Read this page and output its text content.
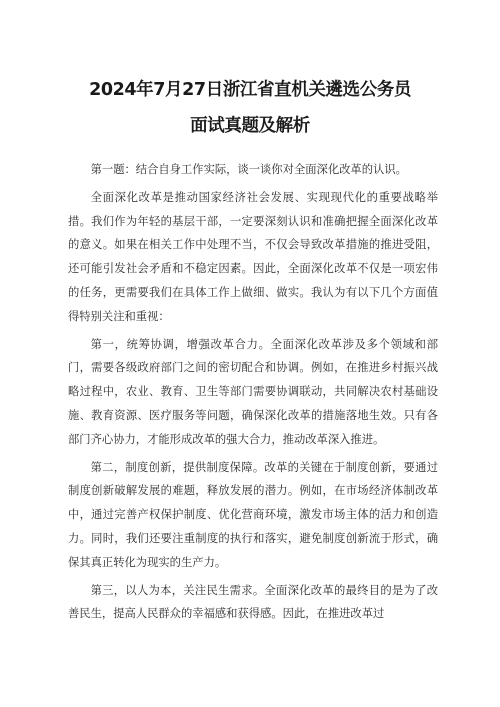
2024年7月27日浙江省直机关遴选公务员
面试真题及解析

第一题：结合自身工作实际，谈一谈你对全面深化改革的认识。

全面深化改革是推动国家经济社会发展、实现现代化的重要战略举措。我们作为年轻的基层干部，一定要深刻认识和准确把握全面深化改革的意义。如果在相关工作中处理不当，不仅会导致改革措施的推进受阻，还可能引发社会矛盾和不稳定因素。因此，全面深化改革不仅是一项宏伟的任务，更需要我们在具体工作上做细、做实。我认为有以下几个方面值得特别关注和重视：

第一，统筹协调，增强改革合力。全面深化改革涉及多个领域和部门，需要各级政府部门之间的密切配合和协调。例如，在推进乡村振兴战略过程中，农业、教育、卫生等部门需要协调联动，共同解决农村基础设施、教育资源、医疗服务等问题，确保深化改革的措施落地生效。只有各部门齐心协力，才能形成改革的强大合力，推动改革深入推进。

第二，制度创新，提供制度保障。改革的关键在于制度创新，要通过制度创新破解发展的难题，释放发展的潜力。例如，在市场经济体制改革中，通过完善产权保护制度、优化营商环境，激发市场主体的活力和创造力。同时，我们还要注重制度的执行和落实，避免制度创新流于形式，确保其真正转化为现实的生产力。

第三，以人为本，关注民生需求。全面深化改革的最终目的是为了改善民生，提高人民群众的幸福感和获得感。因此，在推进改革过
